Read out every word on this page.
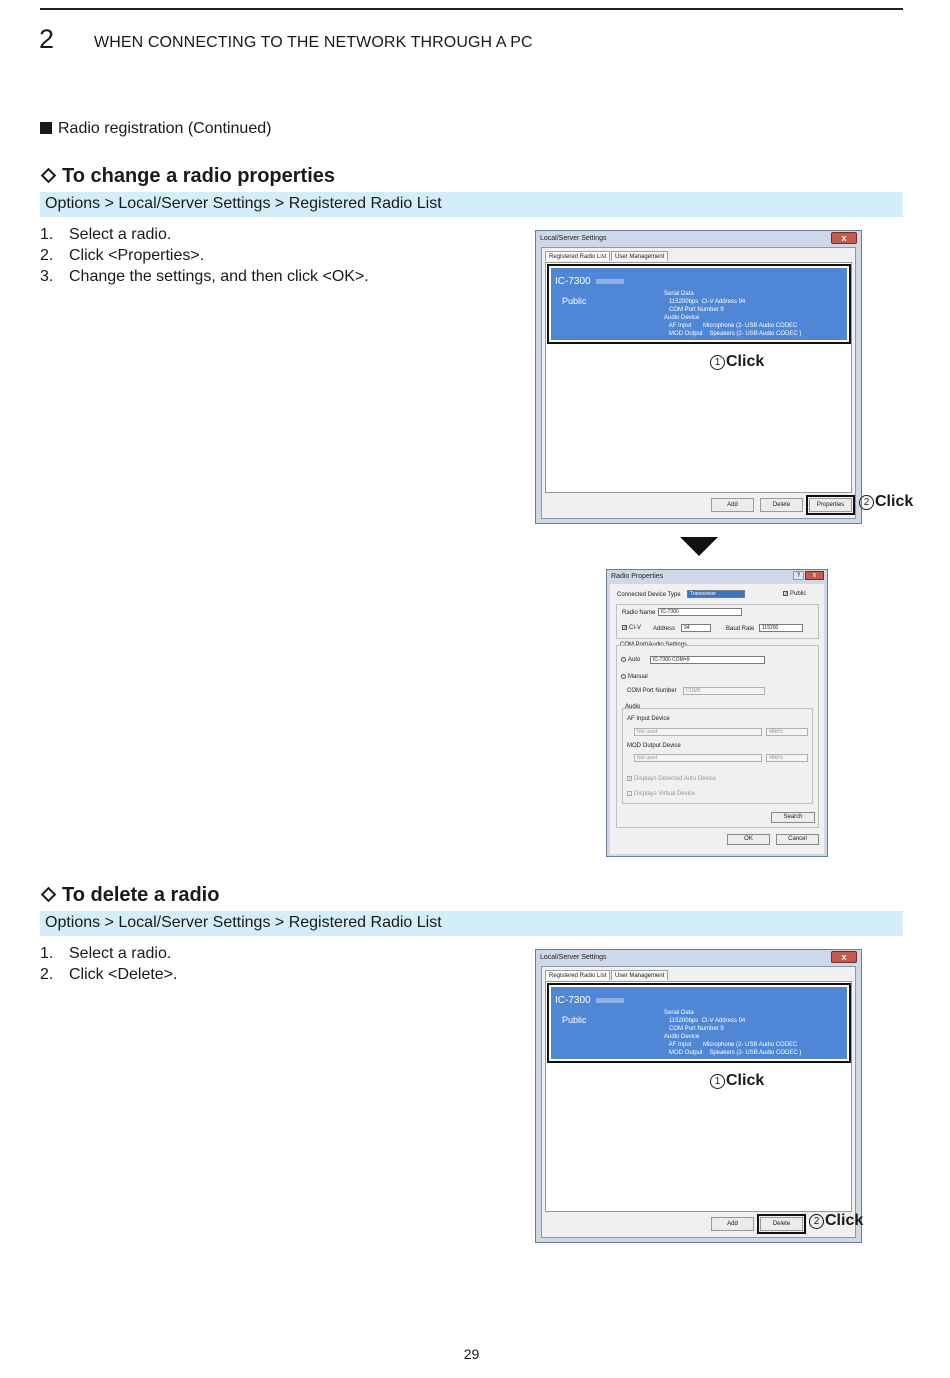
2 WHEN CONNECTING TO THE NETWORK THROUGH A PC
Radio registration (Continued)
To change a radio properties
Options > Local/Server Settings > Registered Radio List
1. Select a radio.
2. Click <Properties>.
3. Change the settings, and then click <OK>.
Local/Server Settings	x
Registered Radio List	User Management
IC-7300
Public
Serial Data
115200bps  CI-V Address 94
COM Port Number 9
Audio Device
AF Input       Microphone (2- USB Audio CODEC
MOD Output    Speakers (2- USB Audio CODEC )
Add	Delete	Properties
1 Click
2 Click
Radio Properties	?	x
Connected Device Type	Transceiver	✓ Public
Radio Name	IC-7300
✓ CI-V Address	94	Baud Rate	115200
COM Port/Audio Settings
Auto	IC-7300 COM=9
Manual
COM Port Number	COM9
Audio
AF Input Device
Not used	48kHz
MOD Output Device
Not used	48kHz
✓ Displays Detected Auto Device
Displays Virtual Device
Search
OK	Cancel
To delete a radio
Options > Local/Server Settings > Registered Radio List
1. Select a radio.
2. Click <Delete>.
Local/Server Settings	x
Registered Radio List	User Management
IC-7300
Public
Serial Data
115200bps  CI-V Address 94
COM Port Number 9
Audio Device
AF Input       Microphone (2- USB Audio CODEC
MOD Output    Speakers (2- USB Audio CODEC )
Add	Delete
1 Click
2 Click
29
